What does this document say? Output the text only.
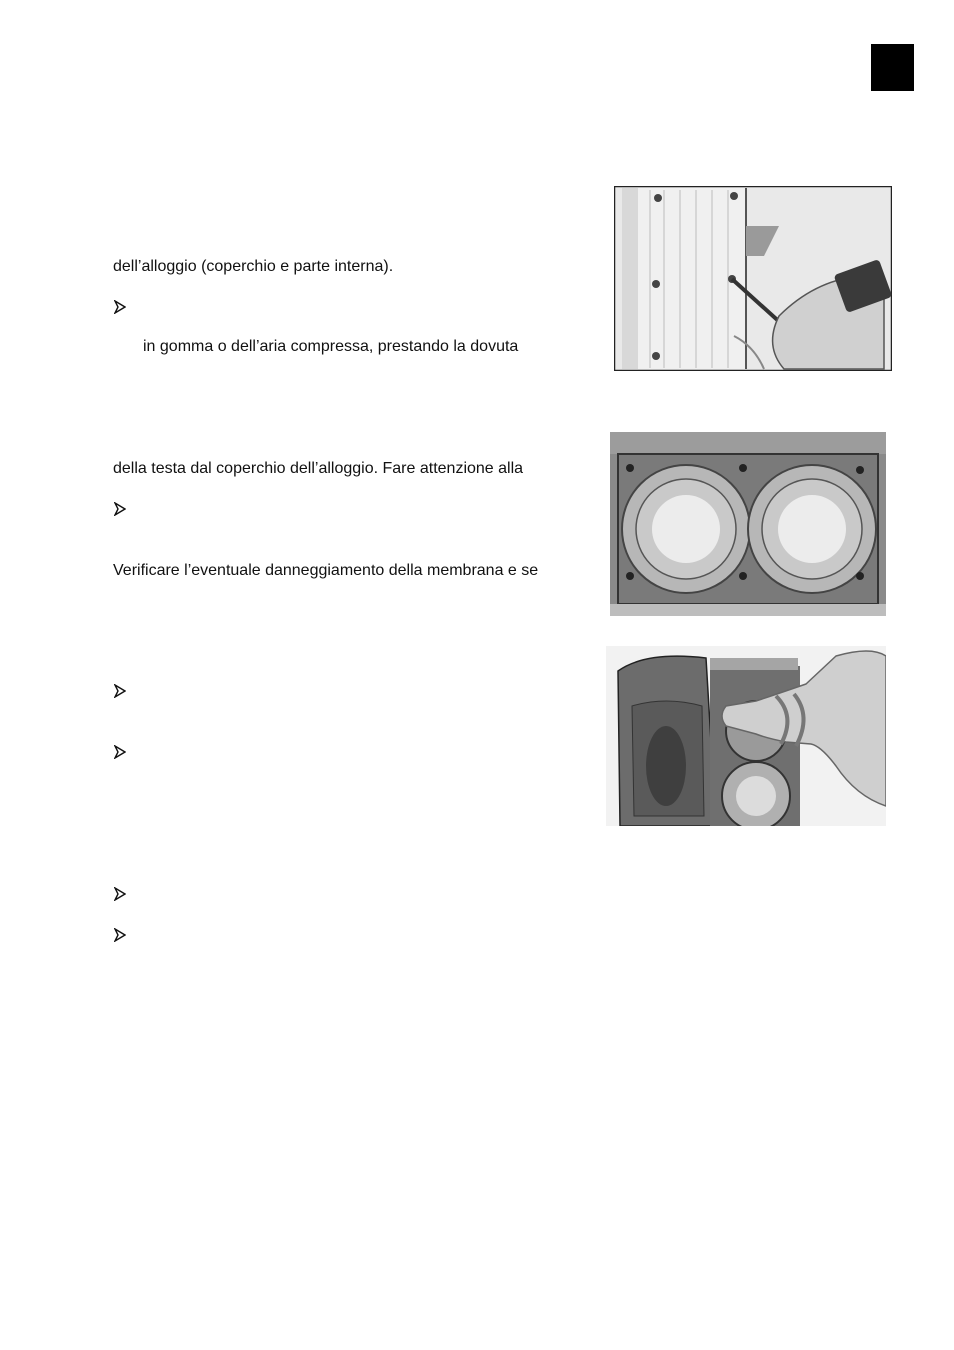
dell’alloggio (coperchio e parte interna).
in gomma o dell’aria compressa, prestando la dovuta
della testa dal coperchio dell’alloggio. Fare attenzione alla
Verificare l’eventuale danneggiamento della membrana e se
